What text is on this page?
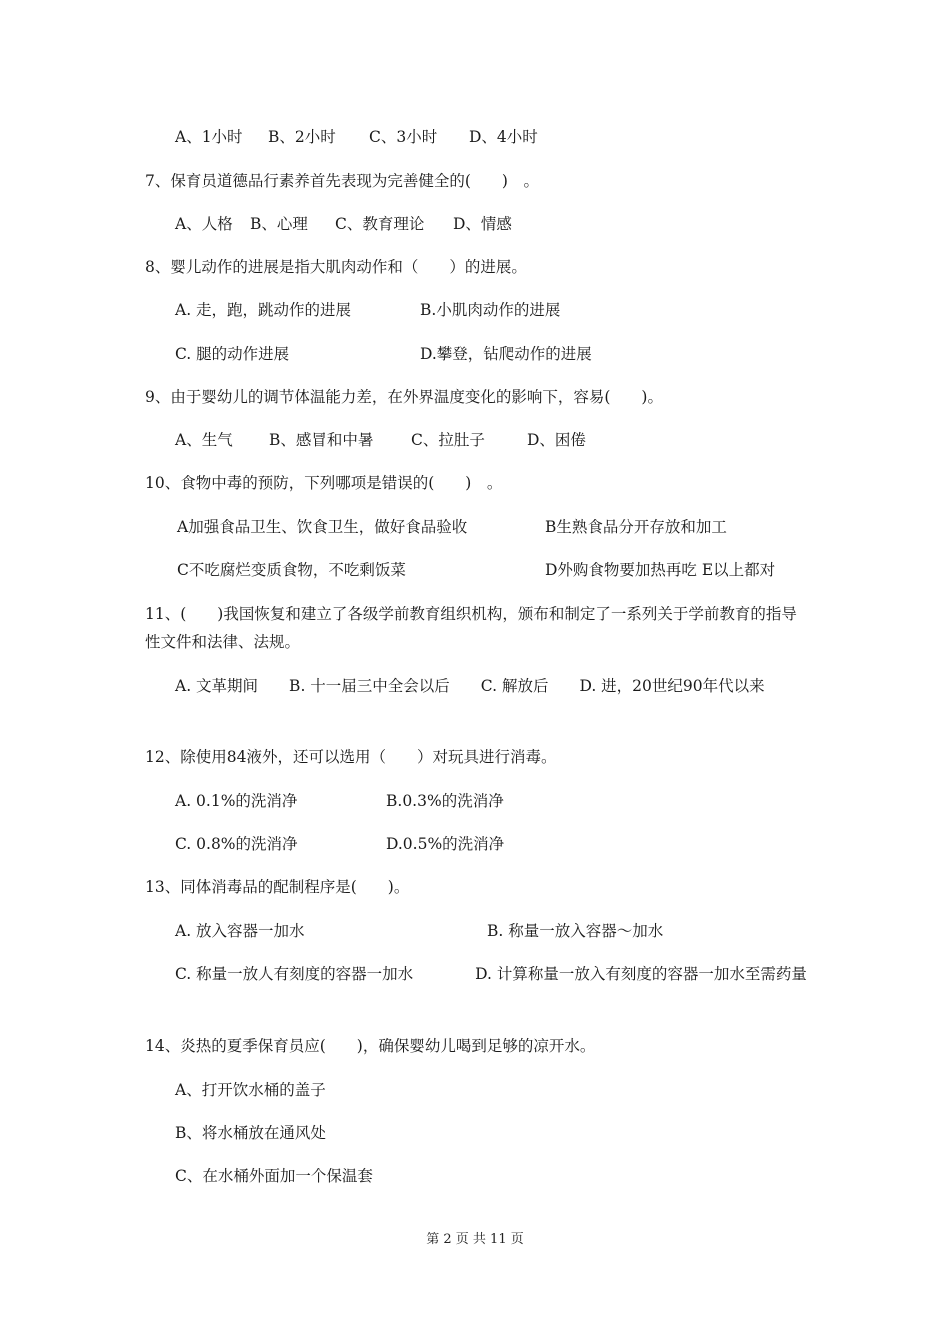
A、1小时 B、2小时 C、3小时 D、4小时
7、保育员道德品行素养首先表现为完善健全的(　　)　。
A、人格 B、心理 C、教育理论 D、情感
8、婴儿动作的进展是指大肌肉动作和（　　）的进展。
A. 走，跑，跳动作的进展	B.小肌肉动作的进展
C. 腿的动作进展	D.攀登，钻爬动作的进展
9、由于婴幼儿的调节体温能力差，在外界温度变化的影响下，容易(　　)。
A、生气 B、感冒和中暑 C、拉肚子	D、困倦
10、食物中毒的预防，下列哪项是错误的(　　)　。
A加强食品卫生、饮食卫生，做好食品验收	B生熟食品分开存放和加工
C不吃腐烂变质食物，不吃剩饭菜	D外购食物要加热再吃 E以上都对
11、(　　)我国恢复和建立了各级学前教育组织机构，颁布和制定了一系列关于学前教育的指导性文件和法律、法规。
A. 文革期间　　B. 十一届三中全会以后　　C. 解放后　　D. 进，20世纪90年代以来
12、除使用84液外，还可以选用（　　）对玩具进行消毒。
A. 0.1%的洗消净	B.0.3%的洗消净
C. 0.8%的洗消净	D.0.5%的洗消净
13、同体消毒品的配制程序是(　　)。
A. 放入容器一加水	B. 称量一放入容器～加水
C. 称量一放人有刻度的容器一加水　　　　D. 计算称量一放入有刻度的容器一加水至需药量
14、炎热的夏季保育员应(　　)，确保婴幼儿喝到足够的凉开水。
A、打开饮水桶的盖子
B、将水桶放在通风处
C、在水桶外面加一个保温套
第 2 页 共 11 页
